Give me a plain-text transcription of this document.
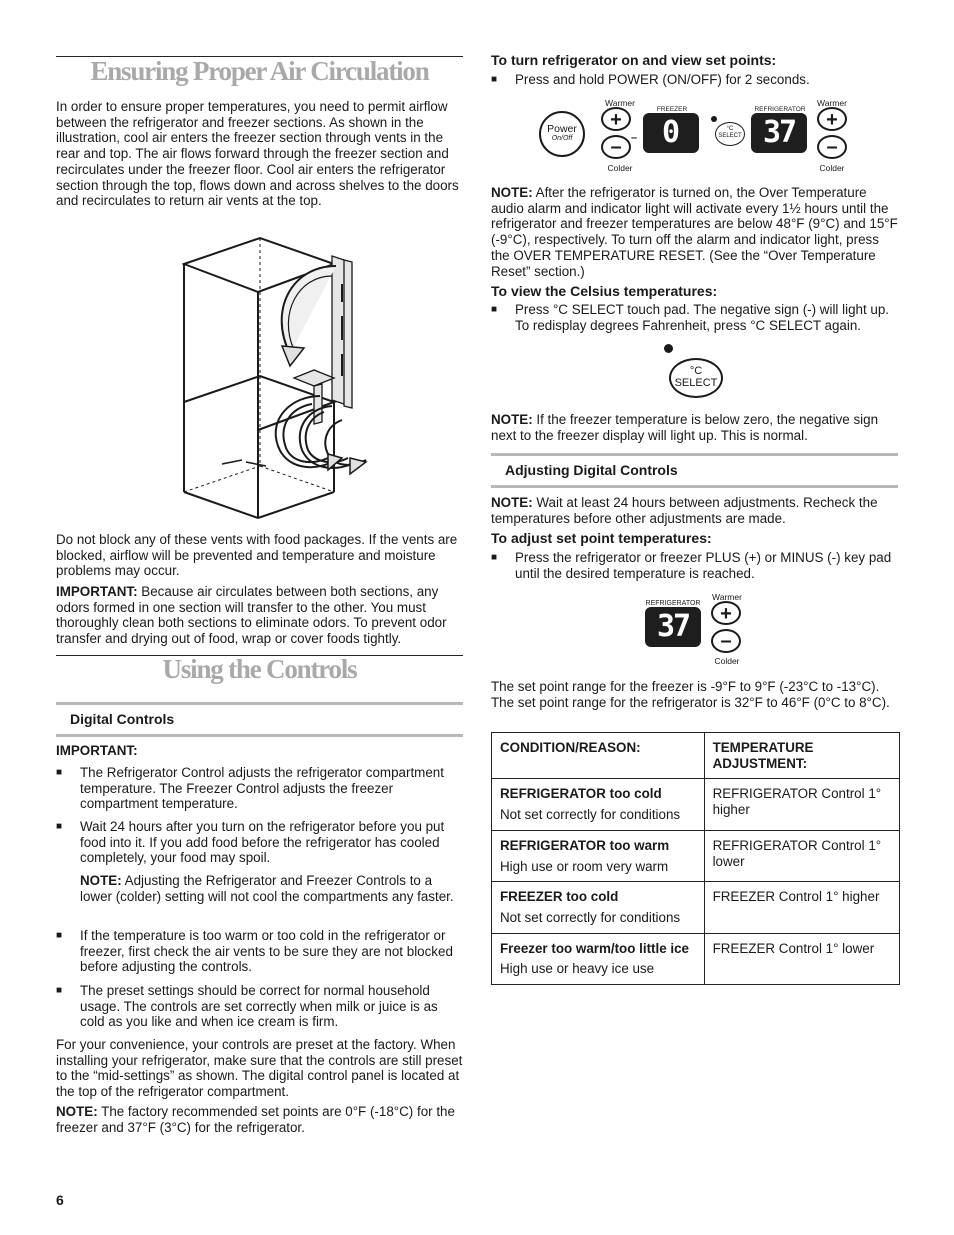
Ensuring Proper Air Circulation

In order to ensure proper temperatures, you need to permit airflow between the refrigerator and freezer sections. As shown in the illustration, cool air enters the freezer section through vents in the rear and top. The air flows forward through the freezer section and recirculates under the freezer floor. Cool air enters the refrigerator section through the top, flows down and across shelves to the doors and recirculates to return air vents at the top.

Do not block any of these vents with food packages. If the vents are blocked, airflow will be prevented and temperature and moisture problems may occur.

IMPORTANT: Because air circulates between both sections, any odors formed in one section will transfer to the other. You must thoroughly clean both sections to eliminate odors. To prevent odor transfer and drying out of food, wrap or cover foods tightly.

Using the Controls
Digital Controls

IMPORTANT:

■ The Refrigerator Control adjusts the refrigerator compartment temperature. The Freezer Control adjusts the freezer compartment temperature.
■ Wait 24 hours after you turn on the refrigerator before you put food into it. If you add food before the refrigerator has cooled completely, your food may spoil.

NOTE: Adjusting the Refrigerator and Freezer Controls to a lower (colder) setting will not cool the compartments any faster.

■ If the temperature is too warm or too cold in the refrigerator or freezer, first check the air vents to be sure they are not blocked before adjusting the controls.
■ The preset settings should be correct for normal household usage. The controls are set correctly when milk or juice is as cold as you like and when ice cream is firm.

For your convenience, your controls are preset at the factory. When installing your refrigerator, make sure that the controls are still preset to the “mid-settings” as shown. The digital control panel is located at the top of the refrigerator compartment.

NOTE: The factory recommended set points are 0°F (-18°C) for the freezer and 37°F (3°C) for the refrigerator.

To turn refrigerator on and view set points:

■ Press and hold POWER (ON/OFF) for 2 seconds.
Power
On/Off
Warmer
+
–
Colder
–
FREEZER
0	°C
SELECT
REFRIGERATOR
37
Warmer
+
–
Colder

NOTE: After the refrigerator is turned on, the Over Temperature audio alarm and indicator light will activate every 1½ hours until the refrigerator and freezer temperatures are below 48°F (9°C) and 15°F (-9°C), respectively. To turn off the alarm and indicator light, press the OVER TEMPERATURE RESET. (See the “Over Temperature Reset” section.)

To view the Celsius temperatures:

■ Press °C SELECT touch pad. The negative sign (-) will light up. To redisplay degrees Fahrenheit, press °C SELECT again.
°C
SELECT

NOTE: If the freezer temperature is below zero, the negative sign next to the freezer display will light up. This is normal.

Adjusting Digital Controls

NOTE: Wait at least 24 hours between adjustments. Recheck the temperatures before other adjustments are made.

To adjust set point temperatures:

■ Press the refrigerator or freezer PLUS (+) or MINUS (-) key pad until the desired temperature is reached.
REFRIGERATOR
37
Warmer
+
–
Colder

The set point range for the freezer is -9°F to 9°F (-23°C to -13°C). The set point range for the refrigerator is 32°F to 46°F (0°C to 8°C).

CONDITION/REASON:	TEMPERATURE ADJUSTMENT:

REFRIGERATOR too cold
Not set correctly for conditions	REFRIGERATOR Control 1° higher

REFRIGERATOR too warm
High use or room very warm	REFRIGERATOR Control 1° lower

FREEZER too cold
Not set correctly for conditions	FREEZER Control 1° higher

Freezer too warm/too little ice
High use or heavy ice use	FREEZER Control 1° lower
6
